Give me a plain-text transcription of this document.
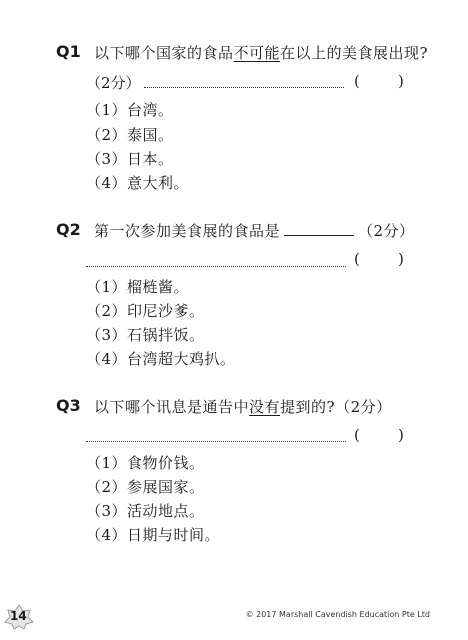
Q1 以下哪个国家的食品不可能在以上的美食展出现?
（2分）	(        )
（1）台湾。
（2）泰国。
（3）日本。
（4）意大利。
Q2 第一次参加美食展的食品是	（2分）
(        )
（1）榴梿酱。
（2）印尼沙爹。
（3）石锅拌饭。
（4）台湾超大鸡扒。
Q3 以下哪个讯息是通告中没有提到的?（2分）
(        )
（1）食物价钱。
（2）参展国家。
（3）活动地点。
（4）日期与时间。
14	© 2017 Marshall Cavendish Education Pte Ltd
